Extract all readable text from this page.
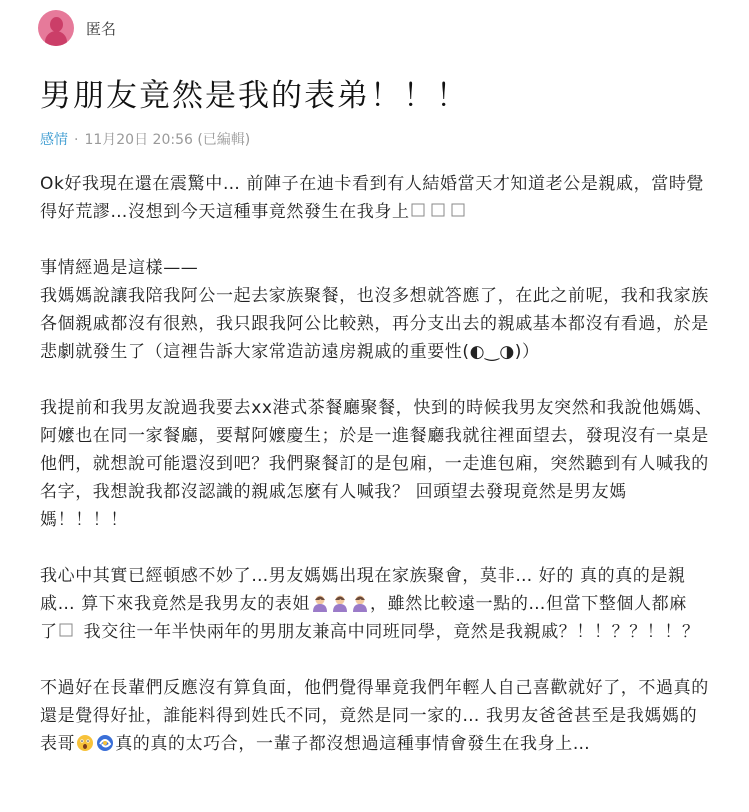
匿名
男朋友竟然是我的表弟！！！
感情 · 11月20日 20:56 (已編輯)

Ok好我現在還在震驚中… 前陣子在迪卡看到有人結婚當天才知道老公是親戚，當時覺

得好荒謬…沒想到今天這種事竟然發生在我身上

事情經過是這樣——

我媽媽說讓我陪我阿公一起去家族聚餐，也沒多想就答應了，在此之前呢，我和我家族

各個親戚都沒有很熟，我只跟我阿公比較熟，再分支出去的親戚基本都沒有看過，於是

悲劇就發生了（這裡告訴大家常造訪遠房親戚的重要性(◐‿◑)）

我提前和我男友說過我要去xx港式茶餐廳聚餐，快到的時候我男友突然和我說他媽媽、

阿嬤也在同一家餐廳，要幫阿嬤慶生；於是一進餐廳我就往裡面望去，發現沒有一桌是

他們，就想說可能還沒到吧？我們聚餐訂的是包廂，一走進包廂，突然聽到有人喊我的

名字，我想說我都沒認識的親戚怎麼有人喊我？ 回頭望去發現竟然是男友媽

媽！！！！

我心中其實已經頓感不妙了…男友媽媽出現在家族聚會，莫非… 好的 真的真的是親

戚… 算下來我竟然是我男友的表姐	，雖然比較遠一點的…但當下整個人都麻

了
我交往一年半快兩年的男朋友兼高中同班同學，竟然是我親戚？！！？？！！？

不過好在長輩們反應沒有算負面，他們覺得畢竟我們年輕人自己喜歡就好了，不過真的

還是覺得好扯，誰能料得到姓氏不同，竟然是同一家的… 我男友爸爸甚至是我媽媽的

表哥 真的真的太巧合，一輩子都沒想過這種事情會發生在我身上…
